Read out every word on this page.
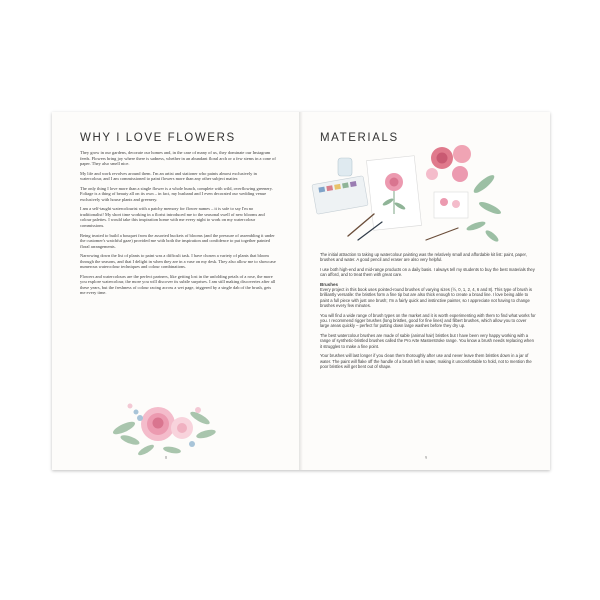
WHY I LOVE FLOWERS

They grow in our gardens, decorate our homes and, in the case of many of us, they dominate our Instagram feeds. Flowers bring joy where there is sadness, whether in an abundant floral arch or a few stems in a cone of paper. They also smell nice.

My life and work revolves around them. I'm an artist and stationer who paints almost exclusively in watercolour, and I am commissioned to paint flowers more than any other subject matter.

The only thing I love more than a single flower is a whole bunch, complete with wild, overflowing greenery. Foliage is a thing of beauty all on its own – in fact, my husband and I even decorated our wedding venue exclusively with house plants and greenery.

I am a self-taught watercolourist with a patchy memory for flower names – it is safe to say I'm no traditionalist! My short time working in a florist introduced me to the seasonal swell of new blooms and colour palettes. I would take this inspiration home with me every night to work on my watercolour commissions.

Being trusted to build a bouquet from the assorted buckets of blooms (and the pressure of assembling it under the customer's watchful gaze) provided me with both the inspiration and confidence to put together painted floral arrangements.

Narrowing down the list of plants to paint was a difficult task. I have chosen a variety of plants that bloom through the seasons, and that I delight in when they are in a vase on my desk. They also allow me to showcase numerous watercolour techniques and colour combinations.

Flowers and watercolours are the perfect partners, like getting lost in the unfolding petals of a rose, the more you explore watercolour, the more you will discover its subtle surprises. I am still making discoveries after all these years, but the freshness of colour racing across a wet page, triggered by a single dab of the brush, gets me every time.

8
MATERIALS

The initial attraction to taking up watercolour painting was the relatively small and affordable kit list: paint, paper, brushes and water. A good pencil and eraser are also very helpful.

I use both high-end and mid-range products on a daily basis. I always tell my students to buy the best materials they can afford, and to treat them with great care.

Brushes

Every project in this book uses pointed-round brushes of varying sizes (½, 0, 1, 2, 4, 6 and 8). This type of brush is brilliantly versatile: the bristles form a fine tip but are also thick enough to create a broad line. I love being able to paint a full piece with just one brush; I'm a fairly quick and instinctive painter, so I appreciate not having to change brushes every few minutes.

You will find a wide range of brush types on the market and it is worth experimenting with them to find what works for you. I recommend rigger brushes (long bristles, good for fine lines) and filbert brushes, which allow you to cover large areas quickly – perfect for putting down large washes before they dry up.

The best watercolour brushes are made of sable (animal hair) bristles but I have been very happy working with a range of synthetic-bristled brushes called the Pro Arte Masterstroke range. You know a brush needs replacing when it struggles to make a fine point.

Your brushes will last longer if you clean them thoroughly after use and never leave them bristles down in a jar of water. The paint will flake off the handle of a brush left in water, making it uncomfortable to hold, not to mention the poor bristles will get bent out of shape.

9
